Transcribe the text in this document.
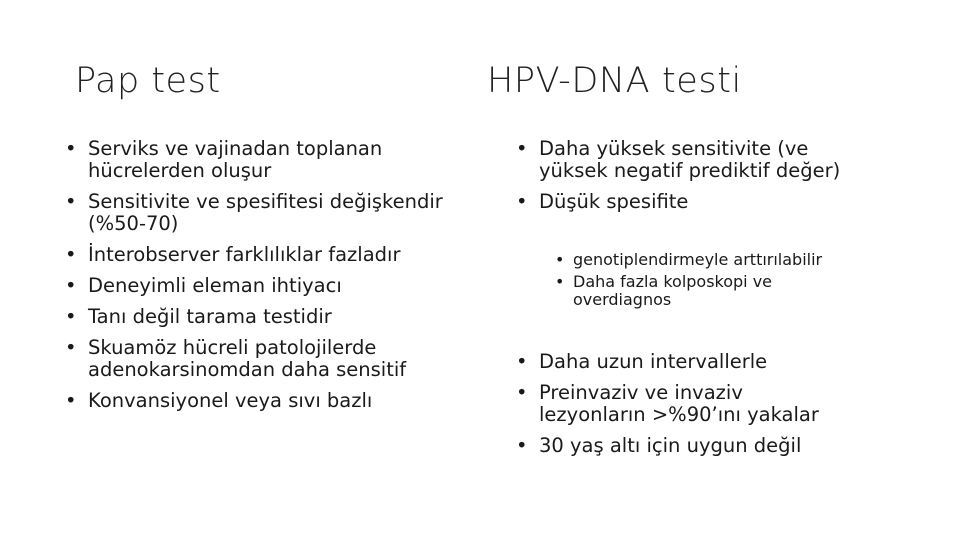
Pap test
• Serviks ve vajinadan toplanan hücrelerden oluşur
• Sensitivite ve spesifitesi değişkendir (%50-70)
• İnterobserver farklılıklar fazladır
• Deneyimli eleman ihtiyacı
• Tanı değil tarama testidir
• Skuamöz hücreli patolojilerde adenokarsinomdan daha sensitif
• Konvansiyonel veya sıvı bazlı
HPV-DNA testi
• Daha yüksek sensitivite (ve yüksek negatif prediktif değer)
• Düşük spesifite
• genotiplendirmeyle arttırılabilir
• Daha fazla kolposkopi ve overdiagnos
• Daha uzun intervallerle
• Preinvaziv ve invaziv lezyonların >%90’ını yakalar
• 30 yaş altı için uygun değil
